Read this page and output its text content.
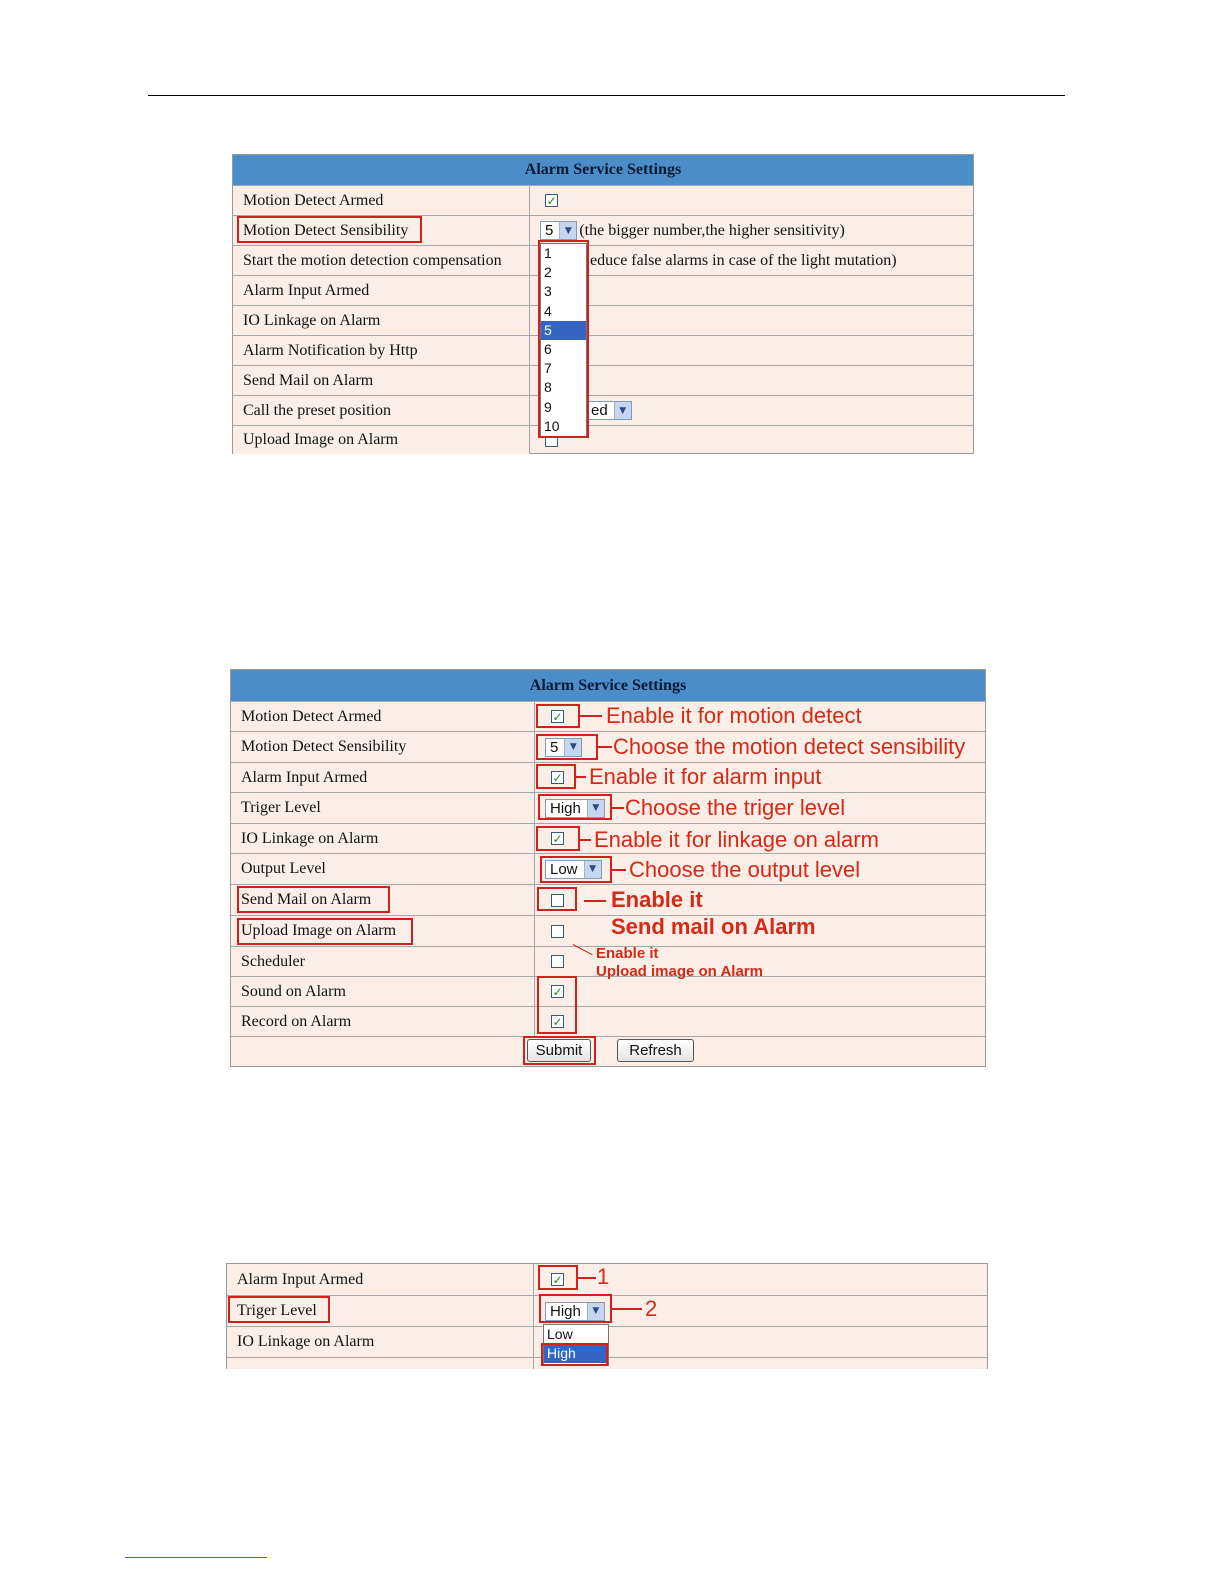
Alarm Service Settings
Motion Detect Armed	✓
Motion Detect Sensibility	5	▼ (the bigger number,the higher sensitivity)
Start the motion detection compensation	educe false alarms in case of the light mutation)
Alarm Input Armed
IO Linkage on Alarm
Alarm Notification by Http
Send Mail on Alarm
Call the preset position	ed	▼
Upload Image on Alarm
1
2
3
4
5
6
7
8
9
10
Alarm Service Settings
Motion Detect Armed	✓
Motion Detect Sensibility	5	▼
Alarm Input Armed	✓
Triger Level	High	▼
IO Linkage on Alarm	✓
Output Level	Low	▼
Send Mail on Alarm
Upload Image on Alarm
Scheduler
Sound on Alarm	✓
Record on Alarm	✓
Submit	Refresh
Enable it for motion detect
Choose the motion detect sensibility
Enable it for alarm input
Choose the triger level
Enable it for linkage on alarm
Choose the output level
Enable it
Send mail on Alarm
Enable it
Upload image on Alarm
Alarm Input Armed	✓
Triger Level	High	▼
IO Linkage on Alarm	Low
High
1
2
